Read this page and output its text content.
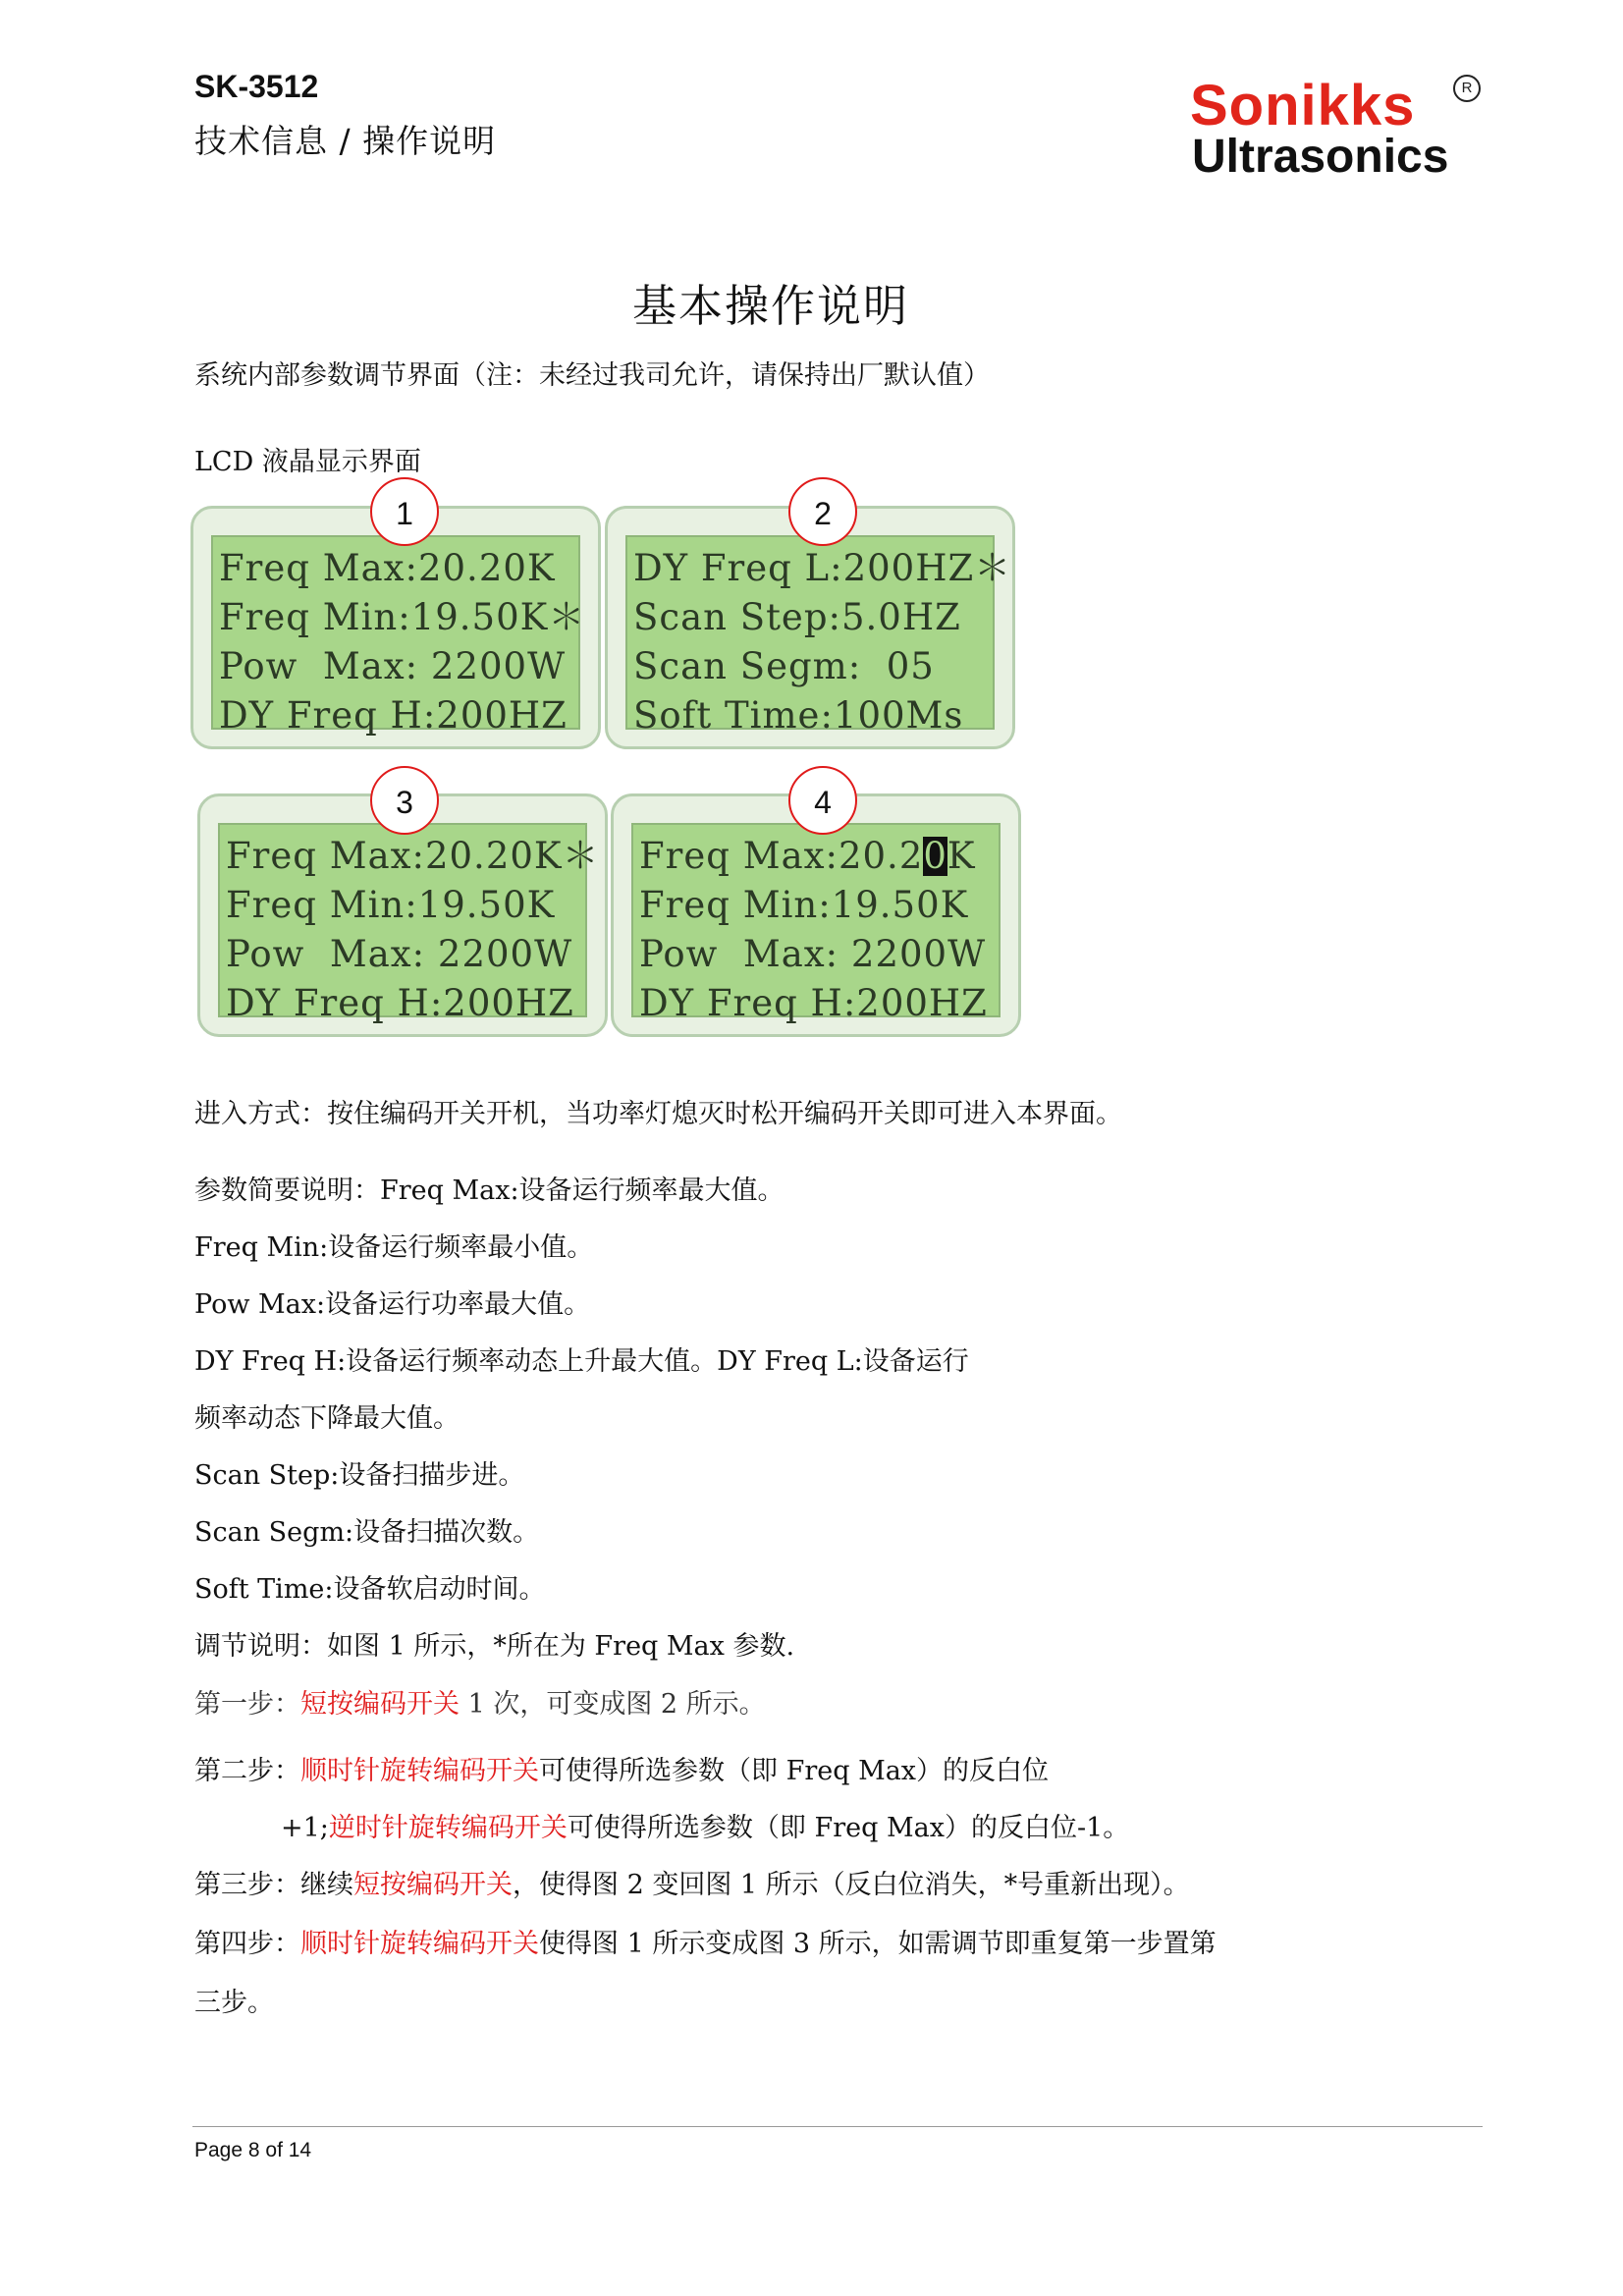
SK-3512
技术信息 / 操作说明
Sonikks	R
Ultrasonics
基本操作说明
系统内部参数调节界面（注：未经过我司允许，请保持出厂默认值）
LCD 液晶显示界面
Freq Max:20.20K
Freq Min:19.50K＊
Pow  Max: 2200W
DY Freq H:200HZ
1
DY Freq L:200HZ＊
Scan Step:5.0HZ
Scan Segm:  05
Soft Time:100Ms
2
Freq Max:20.20K＊
Freq Min:19.50K
Pow  Max: 2200W
DY Freq H:200HZ
3
Freq Max:20.20K
Freq Min:19.50K
Pow  Max: 2200W
DY Freq H:200HZ
4
进入方式：按住编码开关开机，当功率灯熄灭时松开编码开关即可进入本界面。
参数简要说明：Freq Max:设备运行频率最大值。
Freq Min:设备运行频率最小值。
Pow Max:设备运行功率最大值。
DY Freq H:设备运行频率动态上升最大值。DY Freq L:设备运行
频率动态下降最大值。
Scan Step:设备扫描步进。
Scan Segm:设备扫描次数。
Soft Time:设备软启动时间。
调节说明：如图 1 所示，*所在为 Freq Max 参数.
第一步：短按编码开关 1 次，可变成图 2 所示。
第二步：顺时针旋转编码开关可使得所选参数（即 Freq Max）的反白位
+1;逆时针旋转编码开关可使得所选参数（即 Freq Max）的反白位-1。
第三步：继续短按编码开关，使得图 2 变回图 1 所示（反白位消失，*号重新出现）。
第四步：顺时针旋转编码开关使得图 1 所示变成图 3 所示，如需调节即重复第一步置第
三步。
Page 8 of 14
